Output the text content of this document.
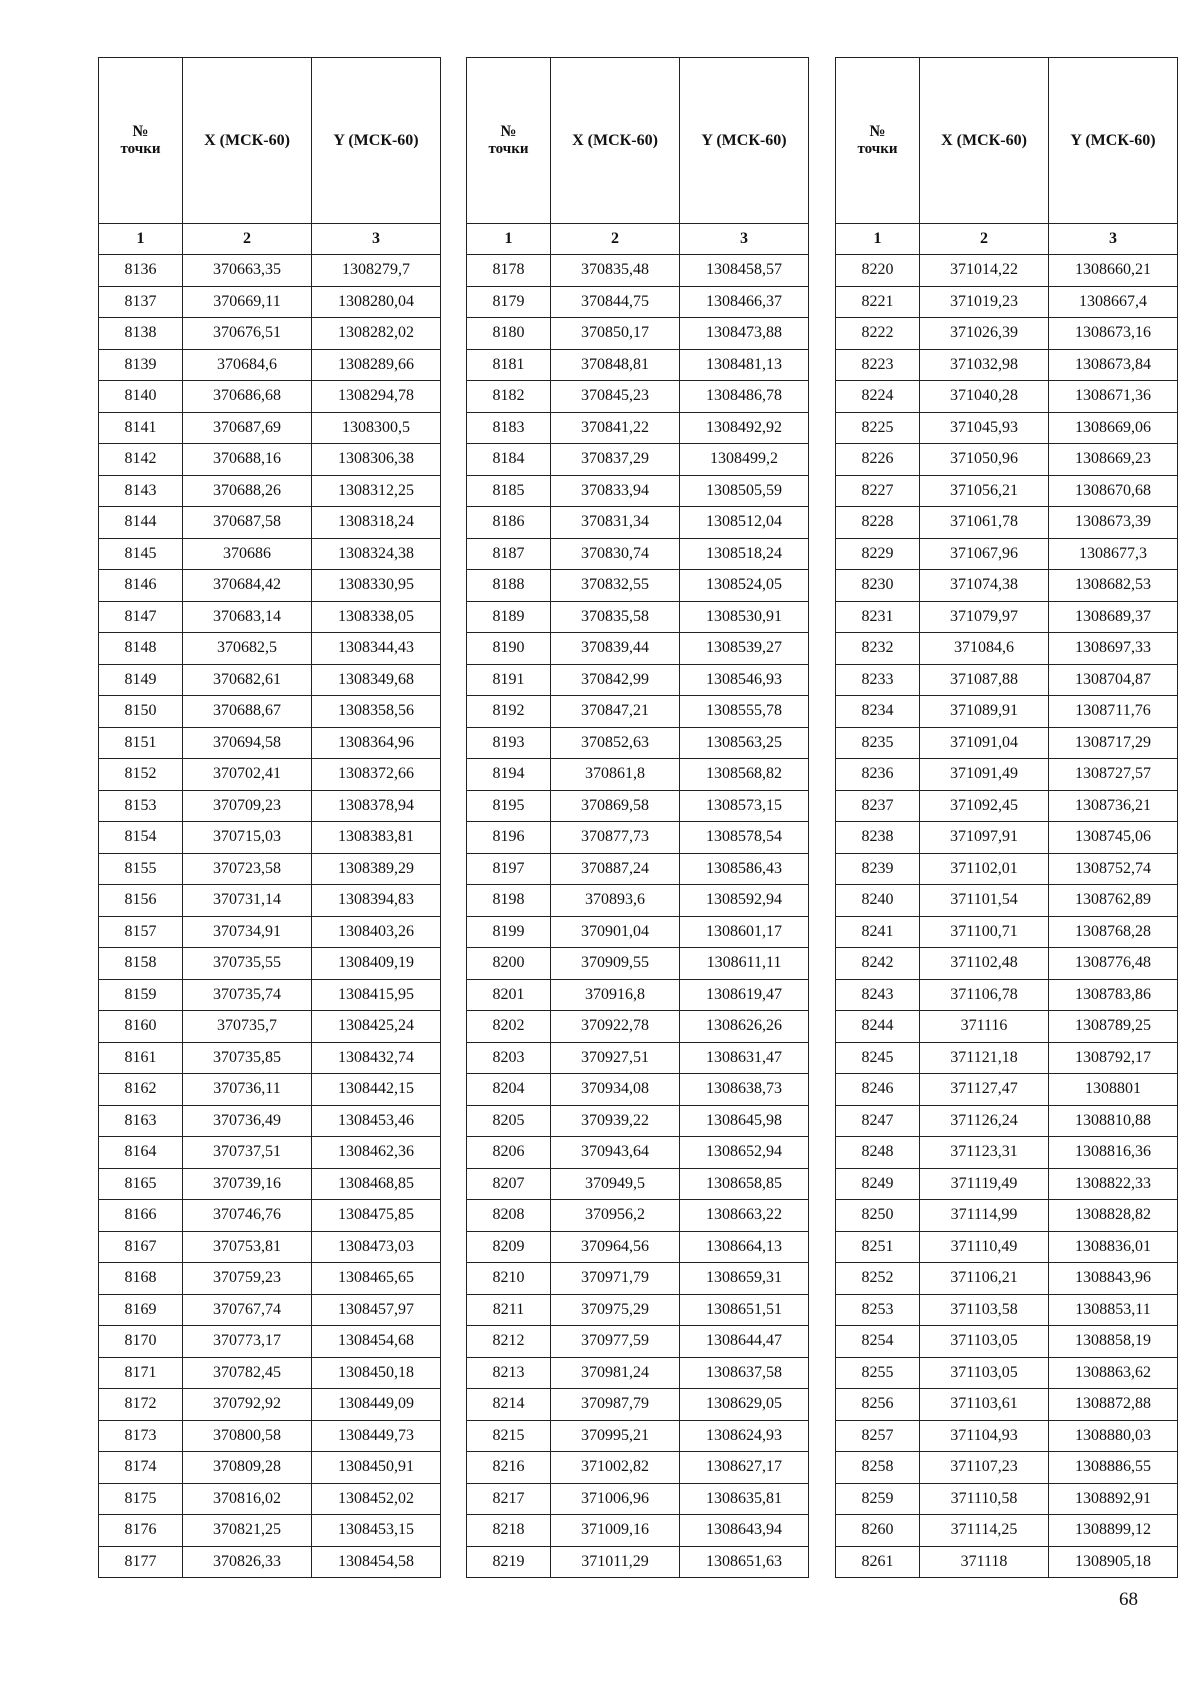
№
точки	X (МСК-60)	Y (МСК-60)
1	2	3
8136	370663,35	1308279,7
8137	370669,11	1308280,04
8138	370676,51	1308282,02
8139	370684,6	1308289,66
8140	370686,68	1308294,78
8141	370687,69	1308300,5
8142	370688,16	1308306,38
8143	370688,26	1308312,25
8144	370687,58	1308318,24
8145	370686	1308324,38
8146	370684,42	1308330,95
8147	370683,14	1308338,05
8148	370682,5	1308344,43
8149	370682,61	1308349,68
8150	370688,67	1308358,56
8151	370694,58	1308364,96
8152	370702,41	1308372,66
8153	370709,23	1308378,94
8154	370715,03	1308383,81
8155	370723,58	1308389,29
8156	370731,14	1308394,83
8157	370734,91	1308403,26
8158	370735,55	1308409,19
8159	370735,74	1308415,95
8160	370735,7	1308425,24
8161	370735,85	1308432,74
8162	370736,11	1308442,15
8163	370736,49	1308453,46
8164	370737,51	1308462,36
8165	370739,16	1308468,85
8166	370746,76	1308475,85
8167	370753,81	1308473,03
8168	370759,23	1308465,65
8169	370767,74	1308457,97
8170	370773,17	1308454,68
8171	370782,45	1308450,18
8172	370792,92	1308449,09
8173	370800,58	1308449,73
8174	370809,28	1308450,91
8175	370816,02	1308452,02
8176	370821,25	1308453,15
8177	370826,33	1308454,58
№
точки	X (МСК-60)	Y (МСК-60)
1	2	3
8178	370835,48	1308458,57
8179	370844,75	1308466,37
8180	370850,17	1308473,88
8181	370848,81	1308481,13
8182	370845,23	1308486,78
8183	370841,22	1308492,92
8184	370837,29	1308499,2
8185	370833,94	1308505,59
8186	370831,34	1308512,04
8187	370830,74	1308518,24
8188	370832,55	1308524,05
8189	370835,58	1308530,91
8190	370839,44	1308539,27
8191	370842,99	1308546,93
8192	370847,21	1308555,78
8193	370852,63	1308563,25
8194	370861,8	1308568,82
8195	370869,58	1308573,15
8196	370877,73	1308578,54
8197	370887,24	1308586,43
8198	370893,6	1308592,94
8199	370901,04	1308601,17
8200	370909,55	1308611,11
8201	370916,8	1308619,47
8202	370922,78	1308626,26
8203	370927,51	1308631,47
8204	370934,08	1308638,73
8205	370939,22	1308645,98
8206	370943,64	1308652,94
8207	370949,5	1308658,85
8208	370956,2	1308663,22
8209	370964,56	1308664,13
8210	370971,79	1308659,31
8211	370975,29	1308651,51
8212	370977,59	1308644,47
8213	370981,24	1308637,58
8214	370987,79	1308629,05
8215	370995,21	1308624,93
8216	371002,82	1308627,17
8217	371006,96	1308635,81
8218	371009,16	1308643,94
8219	371011,29	1308651,63
№
точки	X (МСК-60)	Y (МСК-60)
1	2	3
8220	371014,22	1308660,21
8221	371019,23	1308667,4
8222	371026,39	1308673,16
8223	371032,98	1308673,84
8224	371040,28	1308671,36
8225	371045,93	1308669,06
8226	371050,96	1308669,23
8227	371056,21	1308670,68
8228	371061,78	1308673,39
8229	371067,96	1308677,3
8230	371074,38	1308682,53
8231	371079,97	1308689,37
8232	371084,6	1308697,33
8233	371087,88	1308704,87
8234	371089,91	1308711,76
8235	371091,04	1308717,29
8236	371091,49	1308727,57
8237	371092,45	1308736,21
8238	371097,91	1308745,06
8239	371102,01	1308752,74
8240	371101,54	1308762,89
8241	371100,71	1308768,28
8242	371102,48	1308776,48
8243	371106,78	1308783,86
8244	371116	1308789,25
8245	371121,18	1308792,17
8246	371127,47	1308801
8247	371126,24	1308810,88
8248	371123,31	1308816,36
8249	371119,49	1308822,33
8250	371114,99	1308828,82
8251	371110,49	1308836,01
8252	371106,21	1308843,96
8253	371103,58	1308853,11
8254	371103,05	1308858,19
8255	371103,05	1308863,62
8256	371103,61	1308872,88
8257	371104,93	1308880,03
8258	371107,23	1308886,55
8259	371110,58	1308892,91
8260	371114,25	1308899,12
8261	371118	1308905,18
68
